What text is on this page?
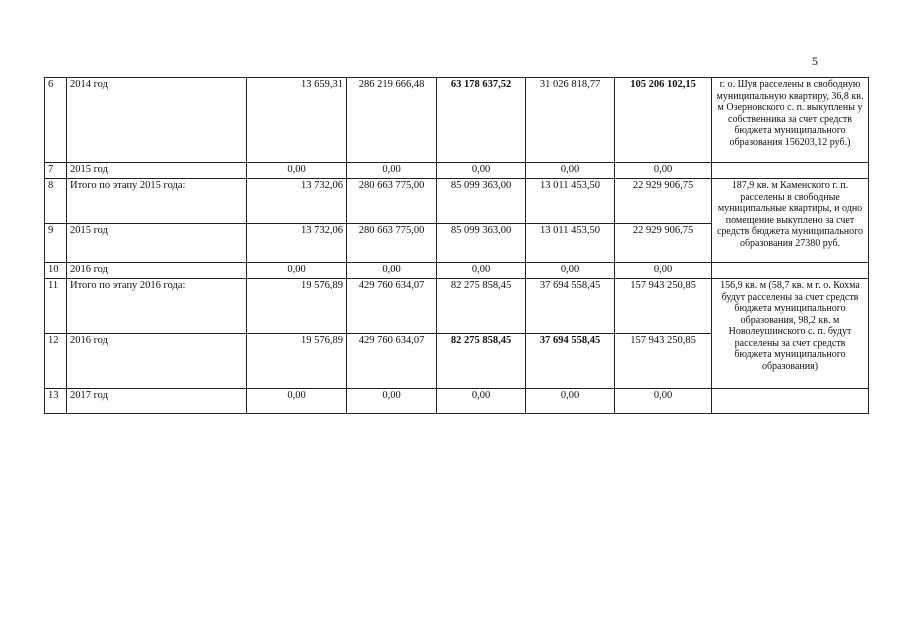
5
6	2014 год	13 659,31	286 219 666,48	63 178 637,52	31 026 818,77	105 206 102,15	г. о. Шуя расселены в свободную муниципальную квартиру, 36,8 кв. м Озерновского с. п. выкуплены у собственника за счет средств бюджета муниципального образования 156203,12 руб.)
7	2015 год	0,00	0,00	0,00	0,00	0,00	
8	Итого по этапу 2015 года:	13 732,06	280 663 775,00	85 099 363,00	13 011 453,50	22 929 906,75	187,9 кв. м Каменского г. п. расселены в свободные муниципальные квартиры, и одно помещение выкуплено за счет средств бюджета муниципального образования 27380 руб.
9	2015 год	13 732,06	280 663 775,00	85 099 363,00	13 011 453,50	22 929 906,75	
10	2016 год	0,00	0,00	0,00	0,00	0,00	
11	Итого по этапу 2016 года:	19 576,89	429 760 634,07	82 275 858,45	37 694 558,45	157 943 250,85	156,9 кв. м (58,7 кв. м г. о. Кохма будут расселены за счет средств бюджета муниципального образования, 98,2 кв. м Новолеушинского с. п. будут расселены за счет средств бюджета муниципального образования)
12	2016 год	19 576,89	429 760 634,07	82 275 858,45	37 694 558,45	157 943 250,85	
13	2017 год	0,00	0,00	0,00	0,00	0,00	
